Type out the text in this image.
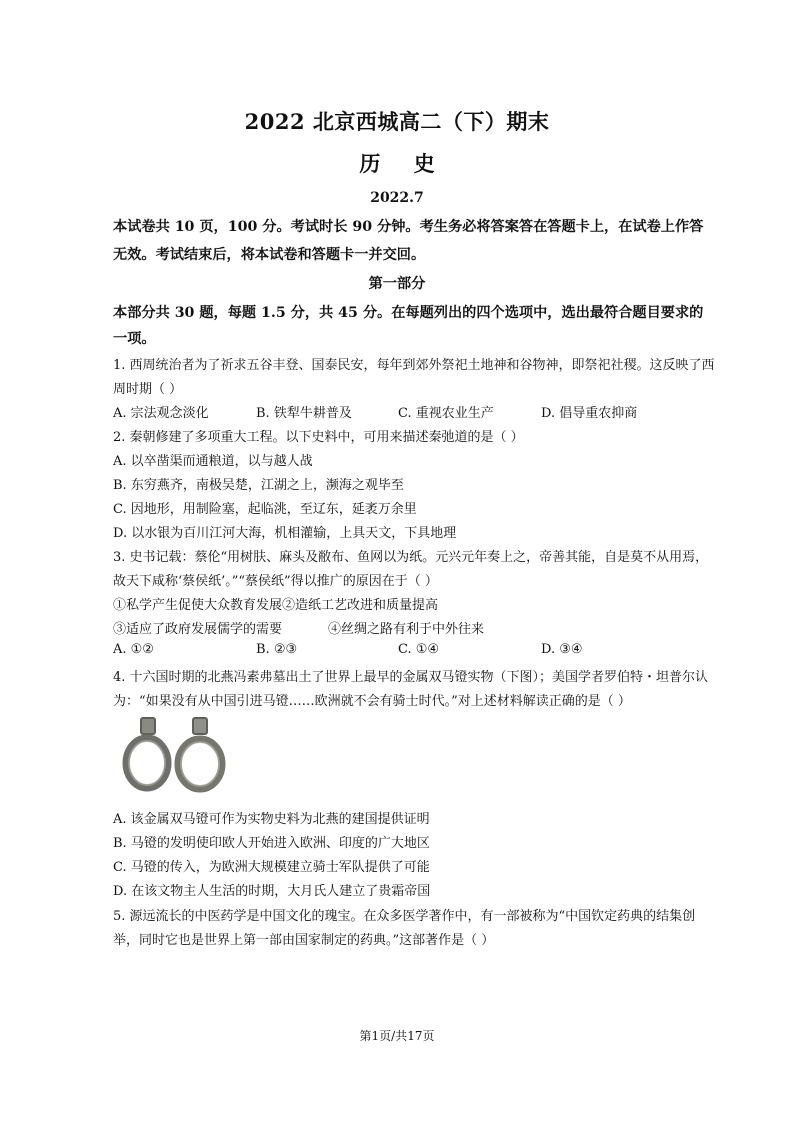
2022 北京西城高二（下）期末
历 史
2022.7
本试卷共 10 页，100 分。考试时长 90 分钟。考生务必将答案答在答题卡上，在试卷上作答
无效。考试结束后，将本试卷和答题卡一并交回。
第一部分
本部分共 30 题，每题 1.5 分，共 45 分。在每题列出的四个选项中，选出最符合题目要求的
一项。
1. 西周统治者为了祈求五谷丰登、国泰民安，每年到郊外祭祀土地神和谷物神，即祭祀社稷。这反映了西
周时期（ ）
A. 宗法观念淡化	B. 铁犁牛耕普及	C. 重视农业生产	D. 倡导重农抑商
2. 秦朝修建了多项重大工程。以下史料中，可用来描述秦弛道的是（ ）
A. 以卒凿渠而通粮道，以与越人战
B. 东穷燕齐，南极吴楚，江湖之上，濒海之观毕至
C. 因地形，用制险塞，起临洮，至辽东，延袤万余里
D. 以水银为百川江河大海，机相灌输，上具天文，下具地理
3. 史书记载：蔡伦“用树肤、麻头及敝布、鱼网以为纸。元兴元年奏上之，帝善其能，自是莫不从用焉，
故天下咸称‘蔡侯纸’。”“蔡侯纸”得以推广的原因在于（ ）
①私学产生促使大众教育发展②造纸工艺改进和质量提高
③适应了政府发展儒学的需要	④丝绸之路有利于中外往来
A. ①②	B. ②③	C. ①④	D. ③④
4. 十六国时期的北燕冯素弗墓出土了世界上最早的金属双马镫实物（下图）；美国学者罗伯特・坦普尔认
为：“如果没有从中国引进马镫……欧洲就不会有骑士时代。”对上述材料解读正确的是（ ）
A. 该金属双马镫可作为实物史料为北燕的建国提供证明
B. 马镫的发明使印欧人开始进入欧洲、印度的广大地区
C. 马镫的传入，为欧洲大规模建立骑士军队提供了可能
D. 在该文物主人生活的时期，大月氏人建立了贵霜帝国
5. 源远流长的中医药学是中国文化的瑰宝。在众多医学著作中，有一部被称为“中国钦定药典的结集创
举，同时它也是世界上第一部由国家制定的药典。”这部著作是（ ）
第1页/共17页
